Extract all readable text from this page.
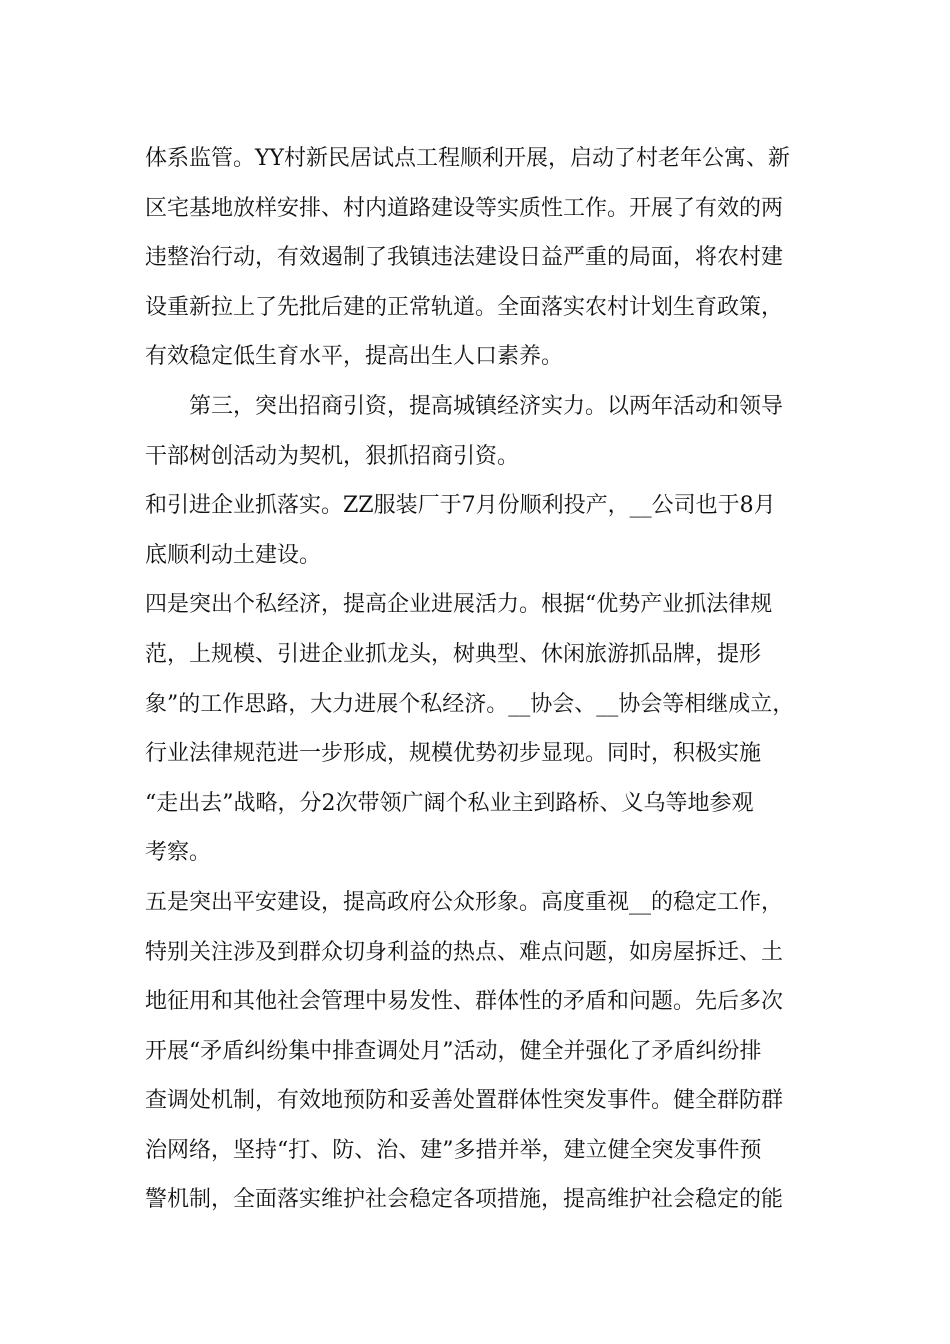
体系监管。YY村新民居试点工程顺利开展，启动了村老年公寓、新
区宅基地放样安排、村内道路建设等实质性工作。开展了有效的两
违整治行动，有效遏制了我镇违法建设日益严重的局面，将农村建
设重新拉上了先批后建的正常轨道。全面落实农村计划生育政策，
有效稳定低生育水平，提高出生人口素养。
第三，突出招商引资，提高城镇经济实力。以两年活动和领导
干部树创活动为契机，狠抓招商引资。
和引进企业抓落实。ZZ服装厂于7月份顺利投产，__公司也于8月
底顺利动土建设。
四是突出个私经济，提高企业进展活力。根据“优势产业抓法律规
范，上规模、引进企业抓龙头，树典型、休闲旅游抓品牌，提形
象”的工作思路，大力进展个私经济。__协会、__协会等相继成立，
行业法律规范进一步形成，规模优势初步显现。同时，积极实施
“走出去”战略，分2次带领广阔个私业主到路桥、义乌等地参观
考察。
五是突出平安建设，提高政府公众形象。高度重视__的稳定工作，
特别关注涉及到群众切身利益的热点、难点问题，如房屋拆迁、土
地征用和其他社会管理中易发性、群体性的矛盾和问题。先后多次
开展“矛盾纠纷集中排查调处月”活动，健全并强化了矛盾纠纷排
查调处机制，有效地预防和妥善处置群体性突发事件。健全群防群
治网络，坚持“打、防、治、建”多措并举，建立健全突发事件预
警机制，全面落实维护社会稳定各项措施，提高维护社会稳定的能
